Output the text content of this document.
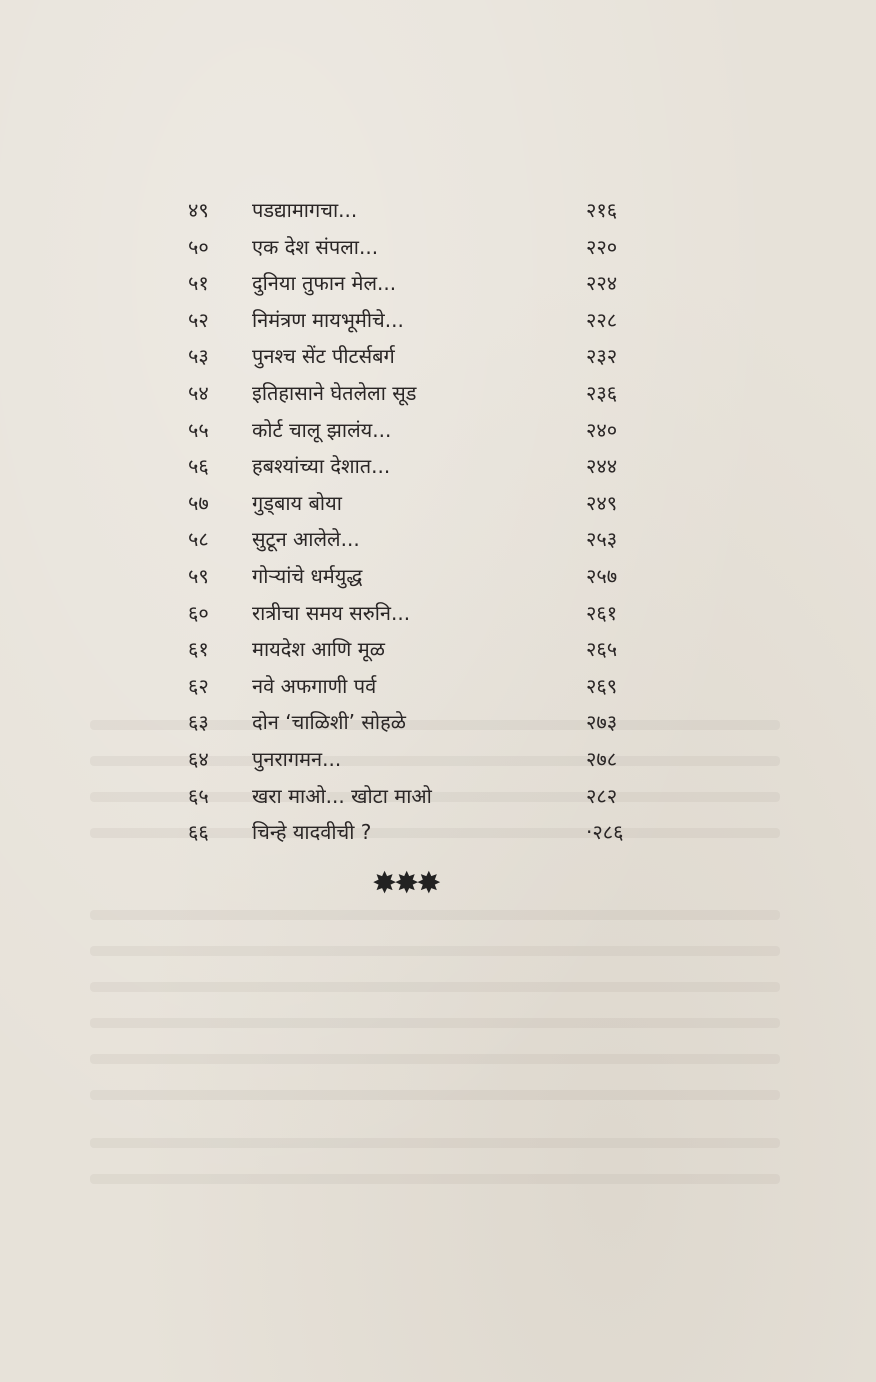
४९ पडद्यामागचा...	२१६
५० एक देश संपला...	२२०
५१ दुनिया तुफान मेल...	२२४
५२ निमंत्रण मायभूमीचे...	२२८
५३ पुनश्च सेंट पीटर्सबर्ग	२३२
५४ इतिहासाने घेतलेला सूड	२३६
५५ कोर्ट चालू झालंय...	२४०
५६ हबश्यांच्या देशात...	२४४
५७ गुड्बाय बोया	२४९
५८ सुटून आलेले...	२५३
५९ गोऱ्यांचे धर्मयुद्ध	२५७
६० रात्रीचा समय सरुनि...	२६१
६१ मायदेश आणि मूळ	२६५
६२ नवे अफगाणी पर्व	२६९
६३ दोन ‘चाळिशी’ सोहळे	२७३
६४ पुनरागमन...	२७८
६५ खरा माओ... खोटा माओ	२८२
६६ चिन्हे यादवीची ?	·२८६
✸✸✸
